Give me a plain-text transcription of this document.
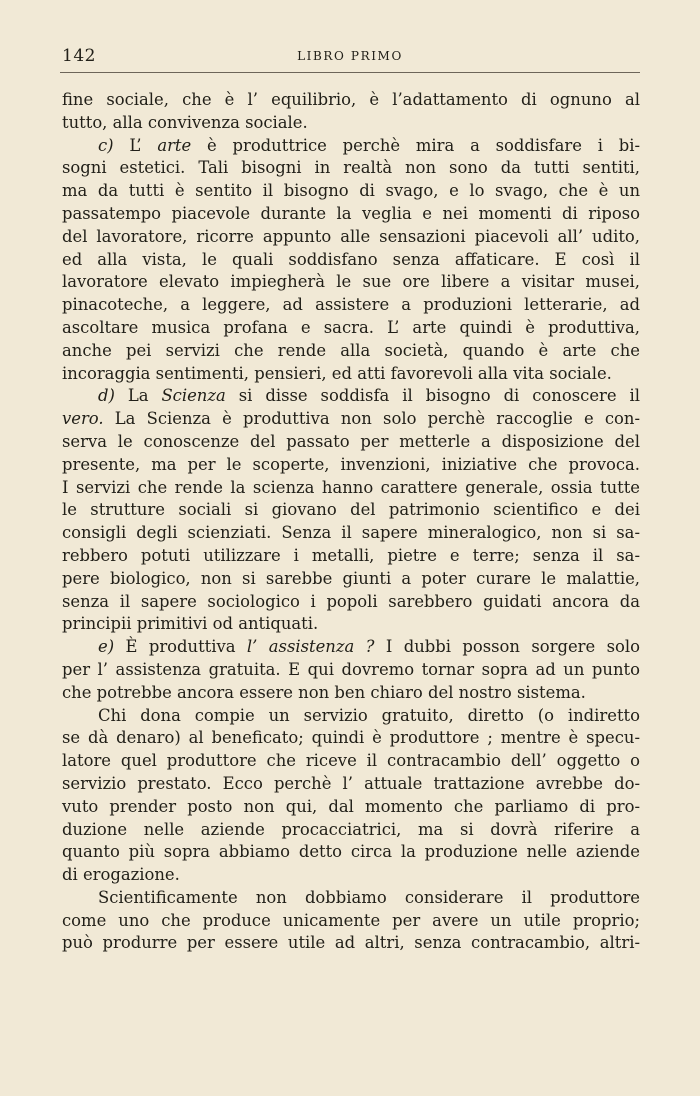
142	LIBRO PRIMO
fine sociale, che è l’ equilibrio, è l’adattamento di ognuno al
tutto, alla convivenza sociale.
c) L’ arte è produttrice perchè mira a soddisfare i bi-
sogni estetici. Tali bisogni in realtà non sono da tutti sentiti,
ma da tutti è sentito il bisogno di svago, e lo svago, che è un
passatempo piacevole durante la veglia e nei momenti di riposo
del lavoratore, ricorre appunto alle sensazioni piacevoli all’ udito,
ed alla vista, le quali soddisfano senza affaticare. E così il
lavoratore elevato impiegherà le sue ore libere a visitar musei,
pinacoteche, a leggere, ad assistere a produzioni letterarie, ad
ascoltare musica profana e sacra. L’ arte quindi è produttiva,
anche pei servizi che rende alla società, quando è arte che
incoraggia sentimenti, pensieri, ed atti favorevoli alla vita sociale.
d) La Scienza si disse soddisfa il bisogno di conoscere il
vero. La Scienza è produttiva non solo perchè raccoglie e con-
serva le conoscenze del passato per metterle a disposizione del
presente, ma per le scoperte, invenzioni, iniziative che provoca.
I servizi che rende la scienza hanno carattere generale, ossia tutte
le strutture sociali si giovano del patrimonio scientifico e dei
consigli degli scienziati. Senza il sapere mineralogico, non si sa-
rebbero potuti utilizzare i metalli, pietre e terre; senza il sa-
pere biologico, non si sarebbe giunti a poter curare le malattie,
senza il sapere sociologico i popoli sarebbero guidati ancora da
principii primitivi od antiquati.
e) È produttiva l’ assistenza ? I dubbi posson sorgere solo
per l’ assistenza gratuita. E qui dovremo tornar sopra ad un punto
che potrebbe ancora essere non ben chiaro del nostro sistema.
Chi dona compie un servizio gratuito, diretto (o indiretto
se dà denaro) al beneficato; quindi è produttore ; mentre è specu-
latore quel produttore che riceve il contracambio dell’ oggetto o
servizio prestato. Ecco perchè l’ attuale trattazione avrebbe do-
vuto prender posto non qui, dal momento che parliamo di pro-
duzione nelle aziende procacciatrici, ma si dovrà riferire a
quanto più sopra abbiamo detto circa la produzione nelle aziende
di erogazione.
Scientificamente non dobbiamo considerare il produttore
come uno che produce unicamente per avere un utile proprio;
può produrre per essere utile ad altri, senza contracambio, altri-
